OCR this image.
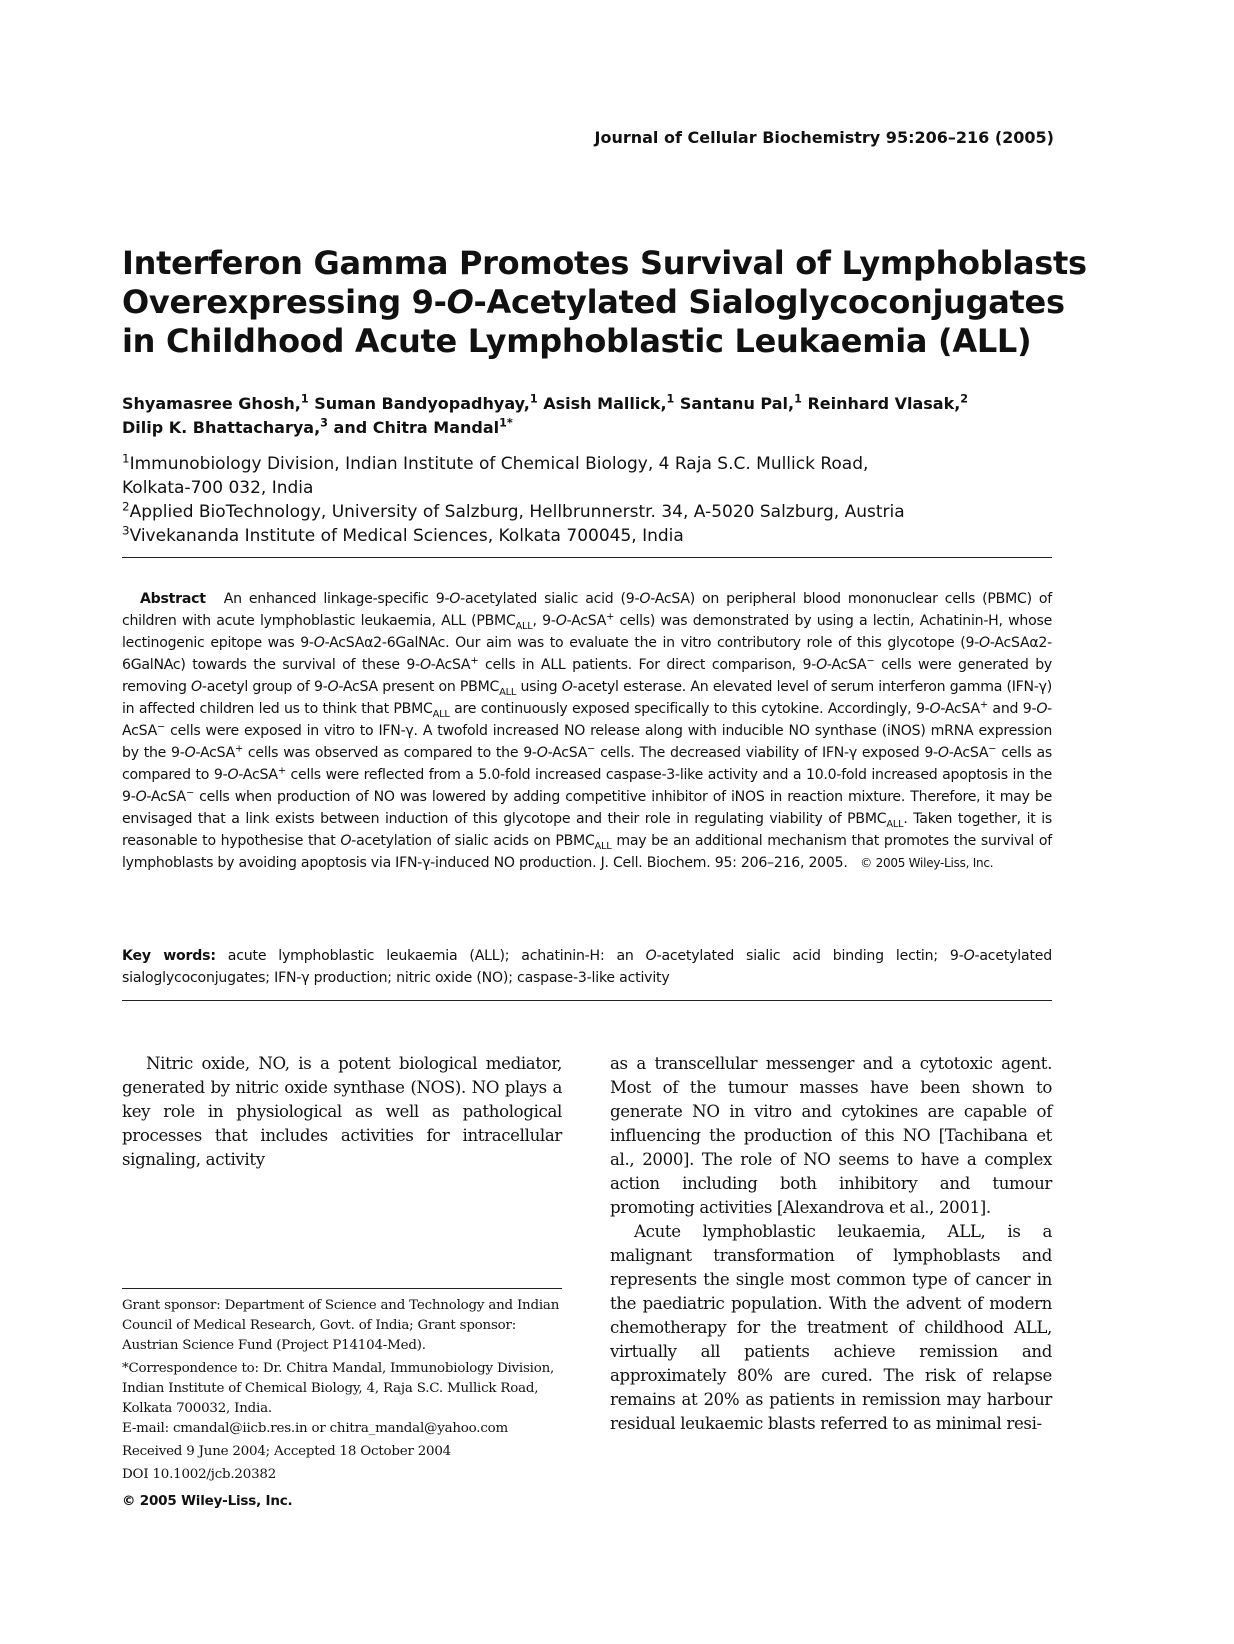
Journal of Cellular Biochemistry 95:206–216 (2005)
Interferon Gamma Promotes Survival of Lymphoblasts
Overexpressing 9-O-Acetylated Sialoglycoconjugates
in Childhood Acute Lymphoblastic Leukaemia (ALL)
Shyamasree Ghosh,$^1$ Suman Bandyopadhyay,$^1$ Asish Mallick,$^1$ Santanu Pal,$^1$ Reinhard Vlasak,$^2$
Dilip K. Bhattacharya,$^3$ and Chitra Mandal$^{1*}$
$^1$Immunobiology Division, Indian Institute of Chemical Biology, 4 Raja S.C. Mullick Road,
Kolkata-700 032, India
$^2$Applied BioTechnology, University of Salzburg, Hellbrunnerstr. 34, A-5020 Salzburg, Austria
$^3$Vivekananda Institute of Medical Sciences, Kolkata 700045, India
Abstract An enhanced linkage-specific 9-O-acetylated sialic acid (9-O-AcSA) on peripheral blood mononuclear cells (PBMC) of children with acute lymphoblastic leukaemia, ALL ($PBMC_{ALL}$, 9-O-AcSA+ cells) was demonstrated by using a lectin, Achatinin-H, whose lectinogenic epitope was 9-O-AcSAα2-6GalNAc. Our aim was to evaluate the in vitro contributory role of this glycotope (9-O-AcSAα2-6GalNAc) towards the survival of these 9-O-AcSA+ cells in ALL patients. For direct comparison, 9-O-AcSA− cells were generated by removing O-acetyl group of 9-O-AcSA present on $PBMC_{ALL}$ using O-acetyl esterase. An elevated level of serum interferon gamma (IFN-γ) in affected children led us to think that $PBMC_{ALL}$ are continuously exposed specifically to this cytokine. Accordingly, 9-O-AcSA+ and 9-O-AcSA− cells were exposed in vitro to IFN-γ. A twofold increased NO release along with inducible NO synthase (iNOS) mRNA expression by the 9-O-AcSA+ cells was observed as compared to the 9-O-AcSA− cells. The decreased viability of IFN-γ exposed 9-O-AcSA− cells as compared to 9-O-AcSA+ cells were reflected from a 5.0-fold increased caspase-3-like activity and a 10.0-fold increased apoptosis in the 9-O-AcSA− cells when production of NO was lowered by adding competitive inhibitor of iNOS in reaction mixture. Therefore, it may be envisaged that a link exists between induction of this glycotope and their role in regulating viability of $PBMC_{ALL}$. Taken together, it is reasonable to hypothesise that O-acetylation of sialic acids on $PBMC_{ALL}$ may be an additional mechanism that promotes the survival of lymphoblasts by avoiding apoptosis via IFN-γ-induced NO production. J. Cell. Biochem. 95: 206–216, 2005.   © 2005 Wiley-Liss, Inc.
Key words: acute lymphoblastic leukaemia (ALL); achatinin-H: an O-acetylated sialic acid binding lectin; 9-O-acetylated sialoglycoconjugates; IFN-γ production; nitric oxide (NO); caspase-3-like activity

Nitric oxide, NO, is a potent biological mediator, generated by nitric oxide synthase (NOS). NO plays a key role in physiological as well as pathological processes that includes activities for intracellular signaling, activity

as a transcellular messenger and a cytotoxic agent. Most of the tumour masses have been shown to generate NO in vitro and cytokines are capable of influencing the production of this NO [Tachibana et al., 2000]. The role of NO seems to have a complex action including both inhibitory and tumour promoting activities [Alexandrova et al., 2001].

Acute lymphoblastic leukaemia, ALL, is a malignant transformation of lymphoblasts and represents the single most common type of cancer in the paediatric population. With the advent of modern chemotherapy for the treatment of childhood ALL, virtually all patients achieve remission and approximately 80% are cured. The risk of relapse remains at 20% as patients in remission may harbour residual leukaemic blasts referred to as minimal resi-

Grant sponsor: Department of Science and Technology and Indian Council of Medical Research, Govt. of India; Grant sponsor: Austrian Science Fund (Project P14104-Med).
*Correspondence to: Dr. Chitra Mandal, Immunobiology Division, Indian Institute of Chemical Biology, 4, Raja S.C. Mullick Road, Kolkata 700032, India.
E-mail: cmandal@iicb.res.in or chitra_mandal@yahoo.com
Received 9 June 2004; Accepted 18 October 2004
DOI 10.1002/jcb.20382
© 2005 Wiley-Liss, Inc.
